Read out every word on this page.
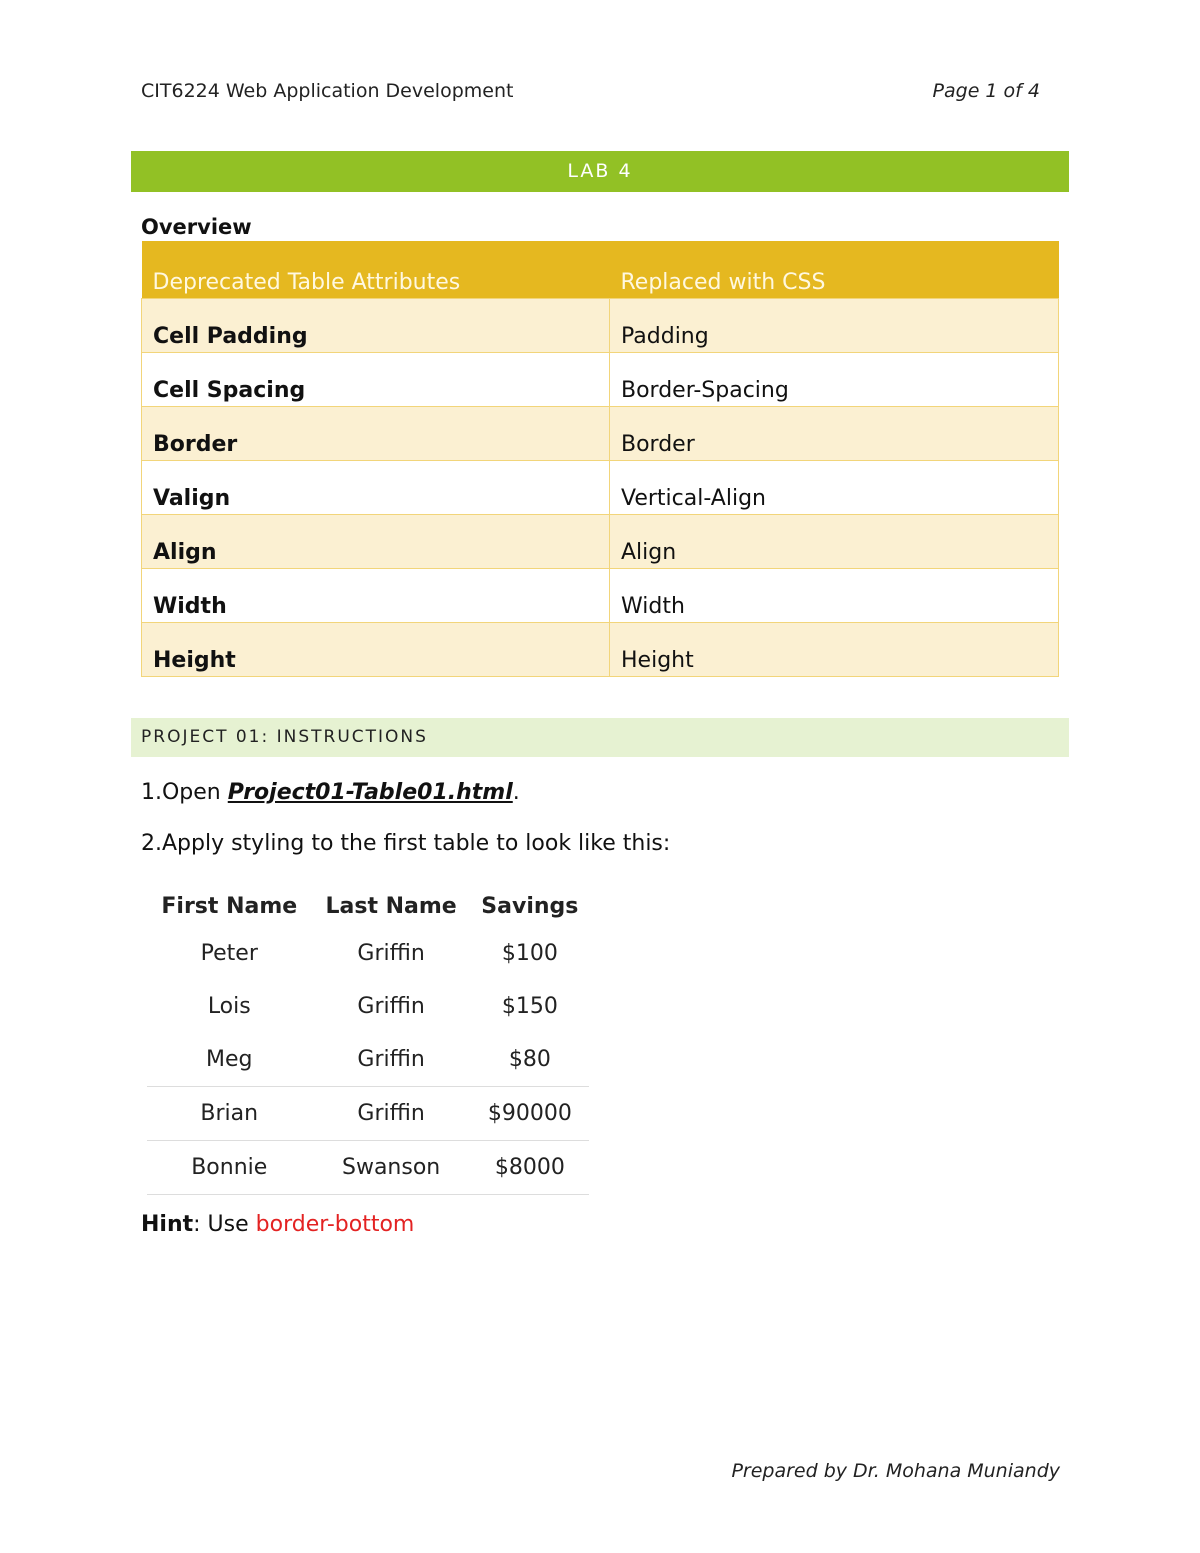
CIT6224 Web Application Development	Page 1 of 4
LAB 4
Overview
Deprecated Table Attributes	Replaced with CSS
Cell Padding	Padding
Cell Spacing	Border-Spacing
Border	Border
Valign	Vertical-Align
Align	Align
Width	Width
Height	Height
PROJECT 01: INSTRUCTIONS
1.Open Project01-Table01.html.
2.Apply styling to the first table to look like this:
First Name	Last Name	Savings
Peter	Griffin	$100
Lois	Griffin	$150
Meg	Griffin	$80
Brian	Griffin	$90000
Bonnie	Swanson	$8000
Hint: Use border-bottom
Prepared by Dr. Mohana Muniandy
